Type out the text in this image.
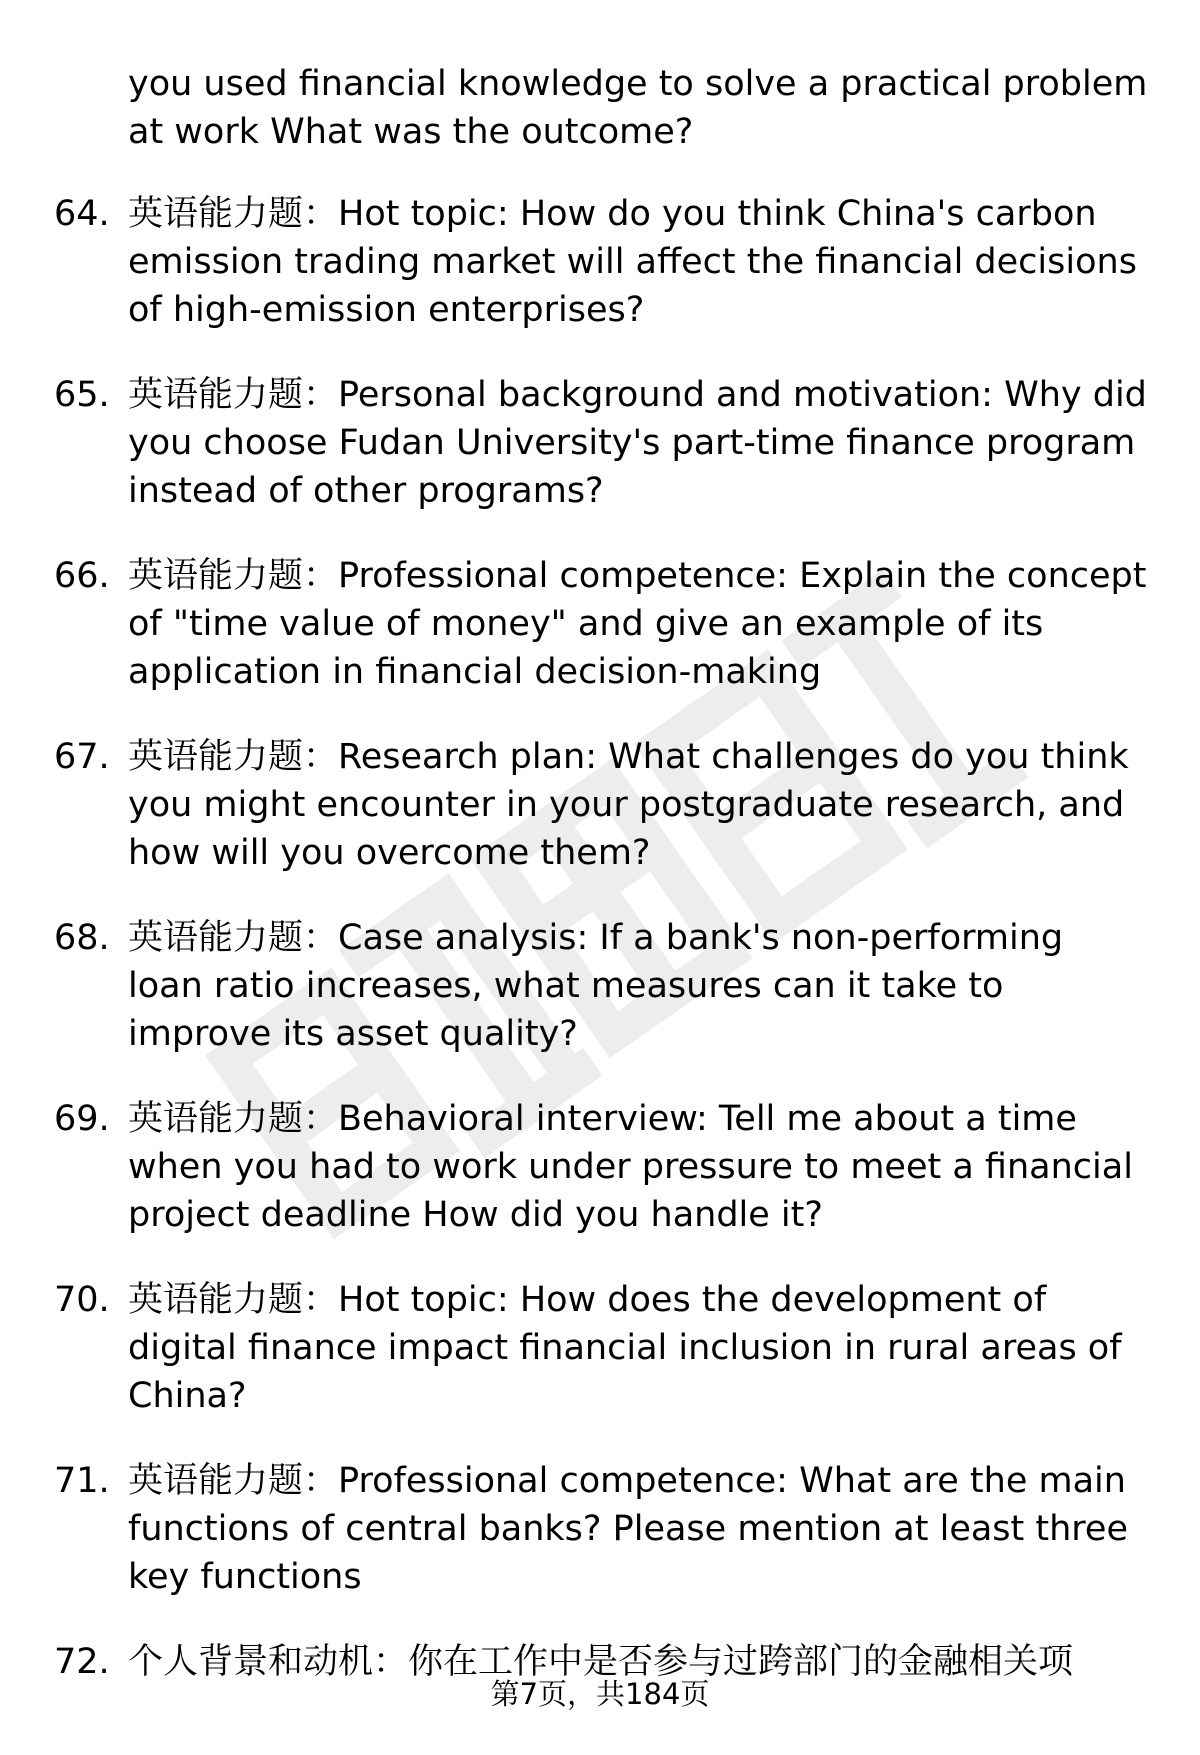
you used financial knowledge to solve a practical problem at work What was the outcome?
64. 英语能力题：Hot topic: How do you think China's carbon emission trading market will affect the financial decisions of high-emission enterprises?
65. 英语能力题：Personal background and motivation: Why did you choose Fudan University's part-time finance program instead of other programs?
66. 英语能力题：Professional competence: Explain the concept of "time value of money" and give an example of its application in financial decision-making
67. 英语能力题：Research plan: What challenges do you think you might encounter in your postgraduate research, and how will you overcome them?
68. 英语能力题：Case analysis: If a bank's non-performing loan ratio increases, what measures can it take to improve its asset quality?
69. 英语能力题：Behavioral interview: Tell me about a time when you had to work under pressure to meet a financial project deadline How did you handle it?
70. 英语能力题：Hot topic: How does the development of digital finance impact financial inclusion in rural areas of China?
71. 英语能力题：Professional competence: What are the main functions of central banks? Please mention at least three key functions
72. 个人背景和动机：你在工作中是否参与过跨部门的金融相关项
第7页，共184页
